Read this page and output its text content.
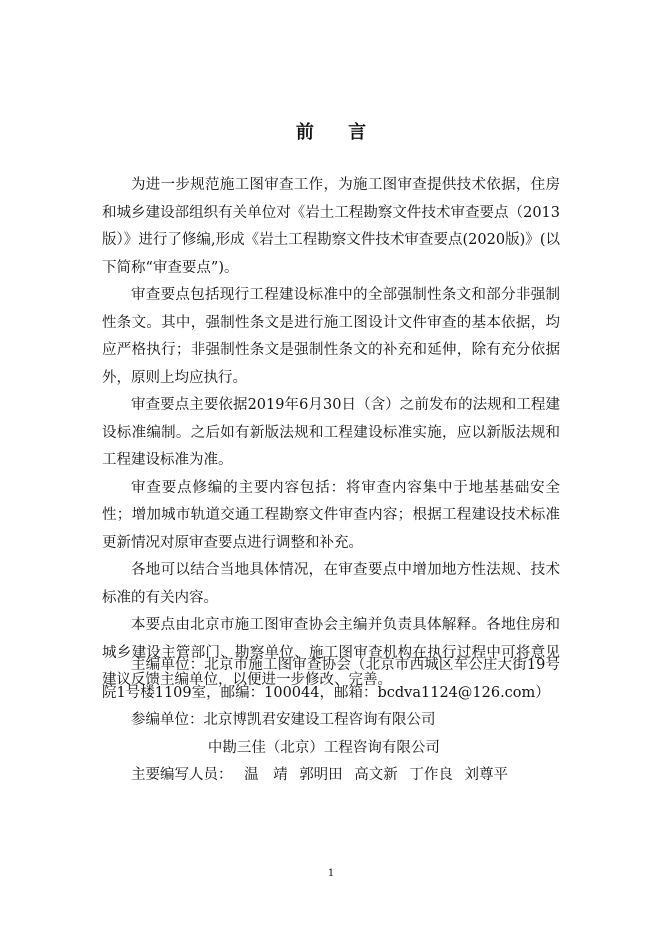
前 言

为进一步规范施工图审查工作，为施工图审查提供技术依据，住房和城乡建设部组织有关单位对《岩土工程勘察文件技术审查要点（2013版）》进行了修编,形成《岩土工程勘察文件技术审查要点(2020版)》(以下简称“审查要点”)。

审查要点包括现行工程建设标准中的全部强制性条文和部分非强制性条文。其中，强制性条文是进行施工图设计文件审查的基本依据，均应严格执行；非强制性条文是强制性条文的补充和延伸，除有充分依据外，原则上均应执行。

审查要点主要依据2019年6月30日（含）之前发布的法规和工程建设标准编制。之后如有新版法规和工程建设标准实施，应以新版法规和工程建设标准为准。

审查要点修编的主要内容包括：将审查内容集中于地基基础安全性；增加城市轨道交通工程勘察文件审查内容；根据工程建设技术标准更新情况对原审查要点进行调整和补充。

各地可以结合当地具体情况，在审查要点中增加地方性法规、技术标准的有关内容。

本要点由北京市施工图审查协会主编并负责具体解释。各地住房和城乡建设主管部门、勘察单位、施工图审查机构在执行过程中可将意见建议反馈主编单位，以便进一步修改、完善。

主编单位：北京市施工图审查协会（北京市西城区车公庄大街19号院1号楼1109室，邮编：100044，邮箱：bcdva1124@126.com）

参编单位：北京博凯君安建设工程咨询有限公司

中勘三佳（北京）工程咨询有限公司

主要编写人员： 温　靖 郭明田 高文新 丁作良 刘尊平

1
